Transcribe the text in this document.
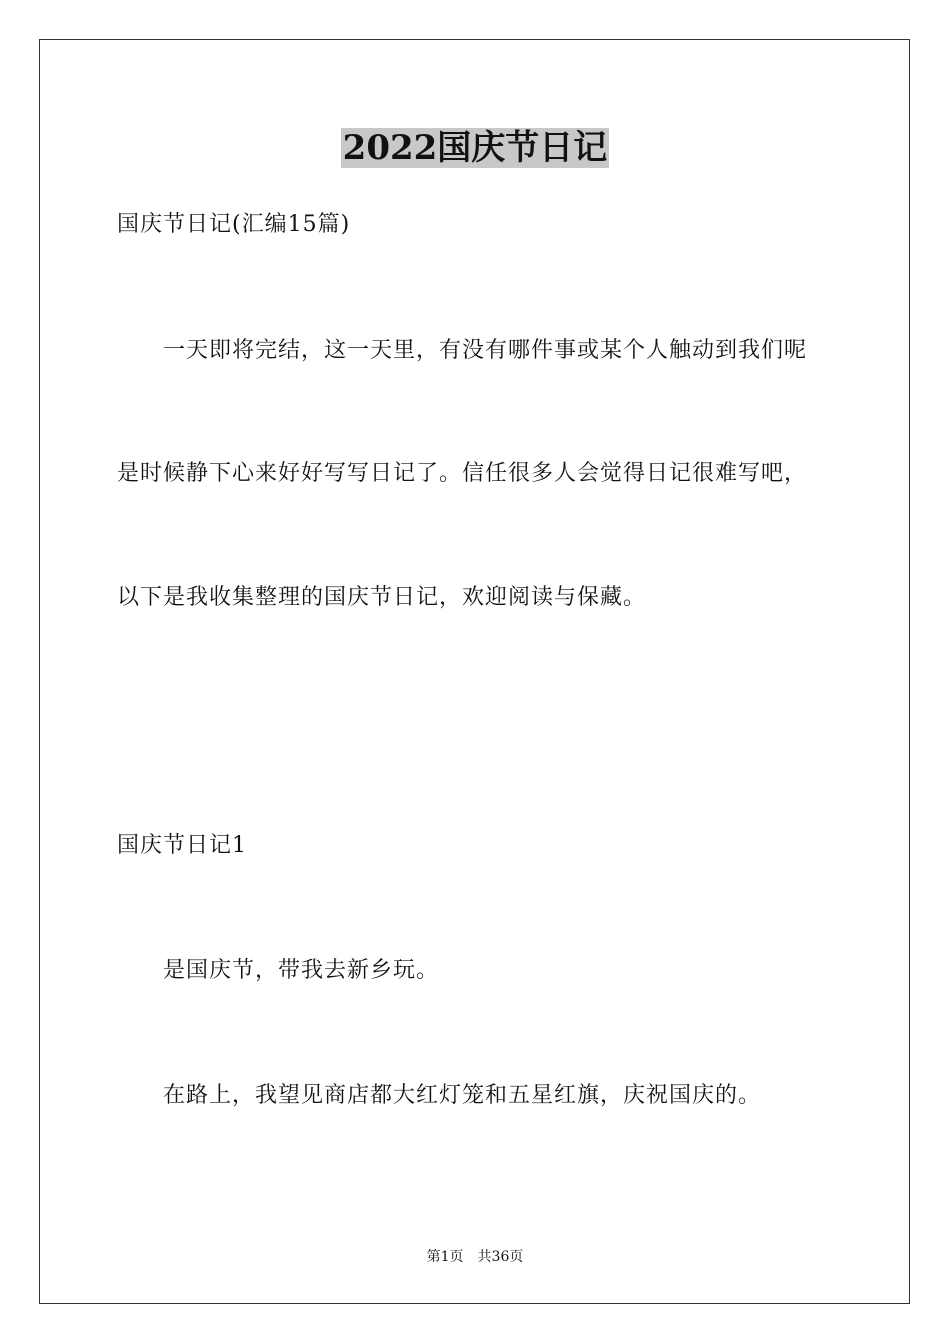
2022国庆节日记
国庆节日记(汇编15篇)
一天即将完结，这一天里，有没有哪件事或某个人触动到我们呢
是时候静下心来好好写写日记了。信任很多人会觉得日记很难写吧，
以下是我收集整理的国庆节日记，欢迎阅读与保藏。
国庆节日记1
是国庆节，带我去新乡玩。
在路上，我望见商店都大红灯笼和五星红旗，庆祝国庆的。
第1页 共36页
